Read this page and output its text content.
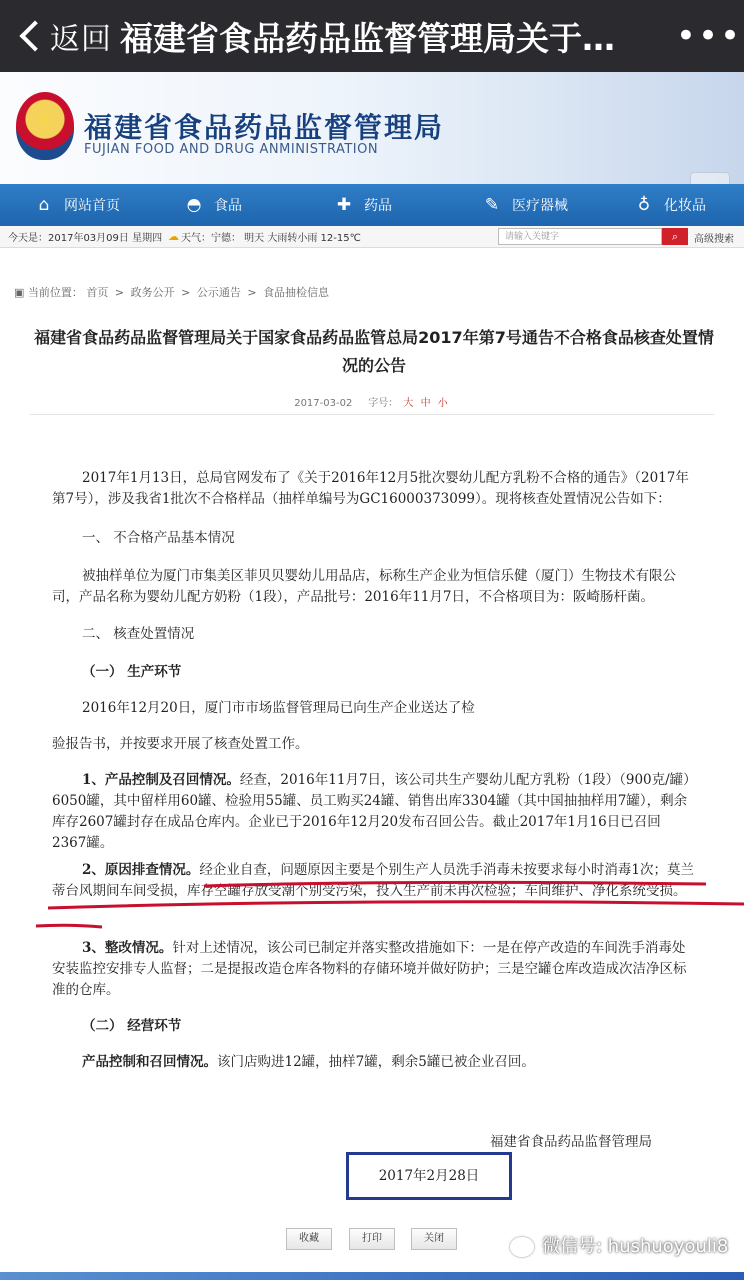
返回 福建省食品药品监督管理局关于…	•••
★	福建省食品药品监督管理局
FUJIAN FOOD AND DRUG ANMINISTRATION
⌂	网站首页	◓ 食品	✚ 药品	✎ 医疗器械	♁ 化妆品
今天是：2017年03月09日 星期四 ☁ 天气：宁德： 明天 大雨转小雨 12-15℃	请输入关键字	⌕	高级搜索
▣ 当前位置： 首页 > 政务公开 > 公示通告 > 食品抽检信息
福建省食品药品监督管理局关于国家食品药品监管总局2017年第7号通告不合格食品核查处置情况的公告
2017-03-02 字号： 大 中 小
2017年1月13日，总局官网发布了《关于2016年12月5批次婴幼儿配方乳粉不合格的通告》（2017年第7号），涉及我省1批次不合格样品（抽样单编号为GC16000373099）。现将核查处置情况公告如下：
一、 不合格产品基本情况
被抽样单位为厦门市集美区菲贝贝婴幼儿用品店，标称生产企业为恒信乐健（厦门）生物技术有限公司，产品名称为婴幼儿配方奶粉（1段），产品批号：2016年11月7日，不合格项目为：阪崎肠杆菌。
二、 核查处置情况
（一） 生产环节
2016年12月20日，厦门市市场监督管理局已向生产企业送达了检
验报告书，并按要求开展了核查处置工作。
1、产品控制及召回情况。经查，2016年11月7日，该公司共生产婴幼儿配方乳粉（1段）（900克/罐）6050罐，其中留样用60罐、检验用55罐、员工购买24罐、销售出库3304罐（其中国抽抽样用7罐），剩余库存2607罐封存在成品仓库内。企业已于2016年12月20发布召回公告。截止2017年1月16日已召回2367罐。
2、原因排查情况。经企业自查，问题原因主要是个别生产人员洗手消毒未按要求每小时消毒1次；莫兰蒂台风期间车间受损，库存空罐存放受潮个别受污染，投入生产前未再次检验；车间维护、净化系统受损。
3、整改情况。针对上述情况，该公司已制定并落实整改措施如下：一是在停产改造的车间洗手消毒处安装监控安排专人监督；二是提报改造仓库各物料的存储环境并做好防护；三是空罐仓库改造成次洁净区标准的仓库。
（二） 经营环节
产品控制和召回情况。该门店购进12罐，抽样7罐，剩余5罐已被企业召回。
福建省食品药品监督管理局
2017年2月28日
收藏	打印	关闭	微信号: hushuoyouli8
